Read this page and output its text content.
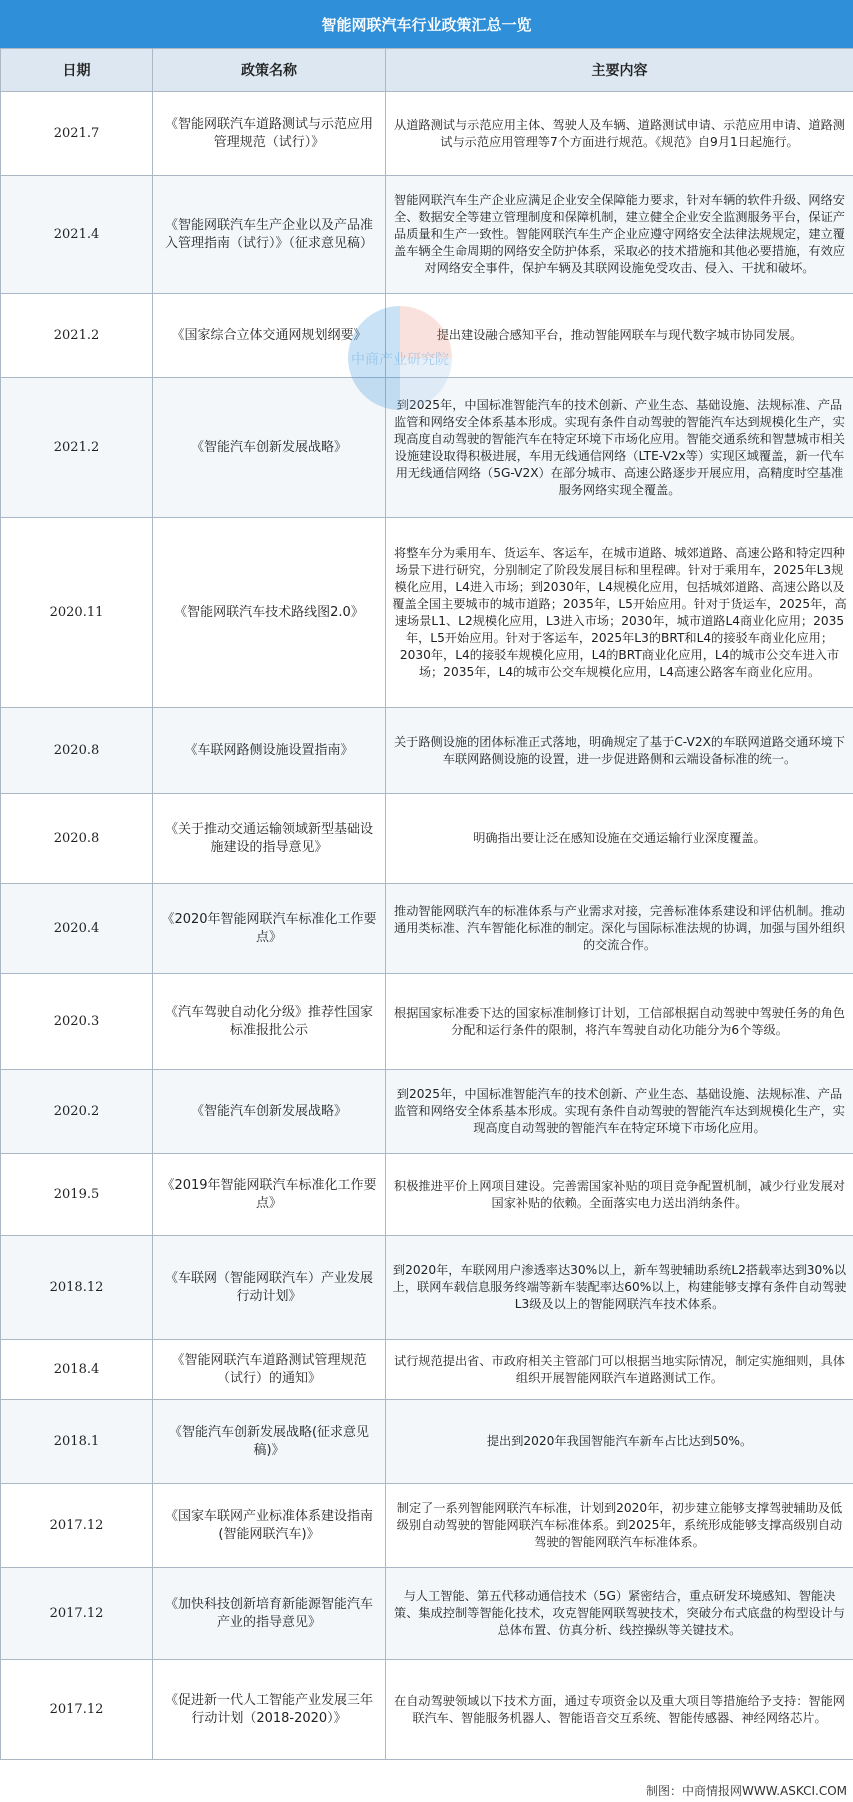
智能网联汽车行业政策汇总一览
日期	政策名称	主要内容
2021.7	《智能网联汽车道路测试与示范应用管理规范（试行）》	从道路测试与示范应用主体、驾驶人及车辆、道路测试申请、示范应用申请、道路测试与示范应用管理等7个方面进行规范。《规范》自9月1日起施行。
2021.4	《智能网联汽车生产企业以及产品准入管理指南（试行）》（征求意见稿）	智能网联汽车生产企业应满足企业安全保障能力要求，针对车辆的软件升级、网络安全、数据安全等建立管理制度和保障机制，建立健全企业安全监测服务平台，保证产品质量和生产一致性。智能网联汽车生产企业应遵守网络安全法律法规规定，建立覆盖车辆全生命周期的网络安全防护体系，采取必的技术措施和其他必要措施，有效应对网络安全事件，保护车辆及其联网设施免受攻击、侵入、干扰和破坏。
2021.2	《国家综合立体交通网规划纲要》	提出建设融合感知平台，推动智能网联车与现代数字城市协同发展。
2021.2	《智能汽车创新发展战略》	到2025年，中国标准智能汽车的技术创新、产业生态、基础设施、法规标准、产品监管和网络安全体系基本形成。实现有条件自动驾驶的智能汽车达到规模化生产，实现高度自动驾驶的智能汽车在特定环境下市场化应用。智能交通系统和智慧城市相关设施建设取得积极进展，车用无线通信网络（LTE-V2x等）实现区域覆盖，新一代车用无线通信网络（5G-V2X）在部分城市、高速公路逐步开展应用，高精度时空基准服务网络实现全覆盖。
2020.11	《智能网联汽车技术路线图2.0》	将整车分为乘用车、货运车、客运车，在城市道路、城郊道路、高速公路和特定四种场景下进行研究，分别制定了阶段发展目标和里程碑。针对于乘用车，2025年L3规模化应用，L4进入市场；到2030年，L4规模化应用，包括城郊道路、高速公路以及覆盖全国主要城市的城市道路；2035年，L5开始应用。针对于货运车，2025年，高速场景L1、L2规模化应用，L3进入市场；2030年，城市道路L4商业化应用；2035年，L5开始应用。针对于客运车，2025年L3的BRT和L4的接驳车商业化应用；2030年，L4的接驳车规模化应用，L4的BRT商业化应用，L4的城市公交车进入市场；2035年，L4的城市公交车规模化应用，L4高速公路客车商业化应用。
2020.8	《车联网路侧设施设置指南》	关于路侧设施的团体标准正式落地，明确规定了基于C-V2X的车联网道路交通环境下车联网路侧设施的设置，进一步促进路侧和云端设备标准的统一。
2020.8	《关于推动交通运输领域新型基础设施建设的指导意见》	明确指出要让泛在感知设施在交通运输行业深度覆盖。
2020.4	《2020年智能网联汽车标准化工作要点》	推动智能网联汽车的标准体系与产业需求对接，完善标准体系建设和评估机制。推动通用类标准、汽车智能化标准的制定。深化与国际标准法规的协调，加强与国外组织的交流合作。
2020.3	《汽车驾驶自动化分级》推荐性国家标准报批公示	根据国家标准委下达的国家标准制修订计划，工信部根据自动驾驶中驾驶任务的角色分配和运行条件的限制，将汽车驾驶自动化功能分为6个等级。
2020.2	《智能汽车创新发展战略》	到2025年，中国标准智能汽车的技术创新、产业生态、基础设施、法规标准、产品监管和网络安全体系基本形成。实现有条件自动驾驶的智能汽车达到规模化生产，实现高度自动驾驶的智能汽车在特定环境下市场化应用。
2019.5	《2019年智能网联汽车标准化工作要点》	积极推进平价上网项目建设。完善需国家补贴的项目竞争配置机制，减少行业发展对国家补贴的依赖。全面落实电力送出消纳条件。
2018.12	《车联网（智能网联汽车）产业发展行动计划》	到2020年，车联网用户渗透率达30%以上，新车驾驶辅助系统L2搭载率达到30%以上，联网车载信息服务终端等新车装配率达60%以上，构建能够支撑有条件自动驾驶L3级及以上的智能网联汽车技术体系。
2018.4	《智能网联汽车道路测试管理规范（试行）的通知》	试行规范提出省、市政府相关主管部门可以根据当地实际情况，制定实施细则，具体组织开展智能网联汽车道路测试工作。
2018.1	《智能汽车创新发展战略(征求意见稿)》	提出到2020年我国智能汽车新车占比达到50%。
2017.12	《国家车联网产业标准体系建设指南(智能网联汽车)》	制定了一系列智能网联汽车标准，计划到2020年，初步建立能够支撑驾驶辅助及低级别自动驾驶的智能网联汽车标准体系。到2025年，系统形成能够支撑高级别自动驾驶的智能网联汽车标准体系。
2017.12	《加快科技创新培育新能源智能汽车产业的指导意见》	与人工智能、第五代移动通信技术（5G）紧密结合，重点研发环境感知、智能决策、集成控制等智能化技术，攻克智能网联驾驶技术，突破分布式底盘的构型设计与总体布置、仿真分析、线控操纵等关键技术。
2017.12	《促进新一代人工智能产业发展三年行动计划（2018-2020）》	在自动驾驶领域以下技术方面，通过专项资金以及重大项目等措施给予支持：智能网联汽车、智能服务机器人、智能语音交互系统、智能传感器、神经网络芯片。
中商产业研究院
制图：中商情报网WWW.ASKCI.COM
